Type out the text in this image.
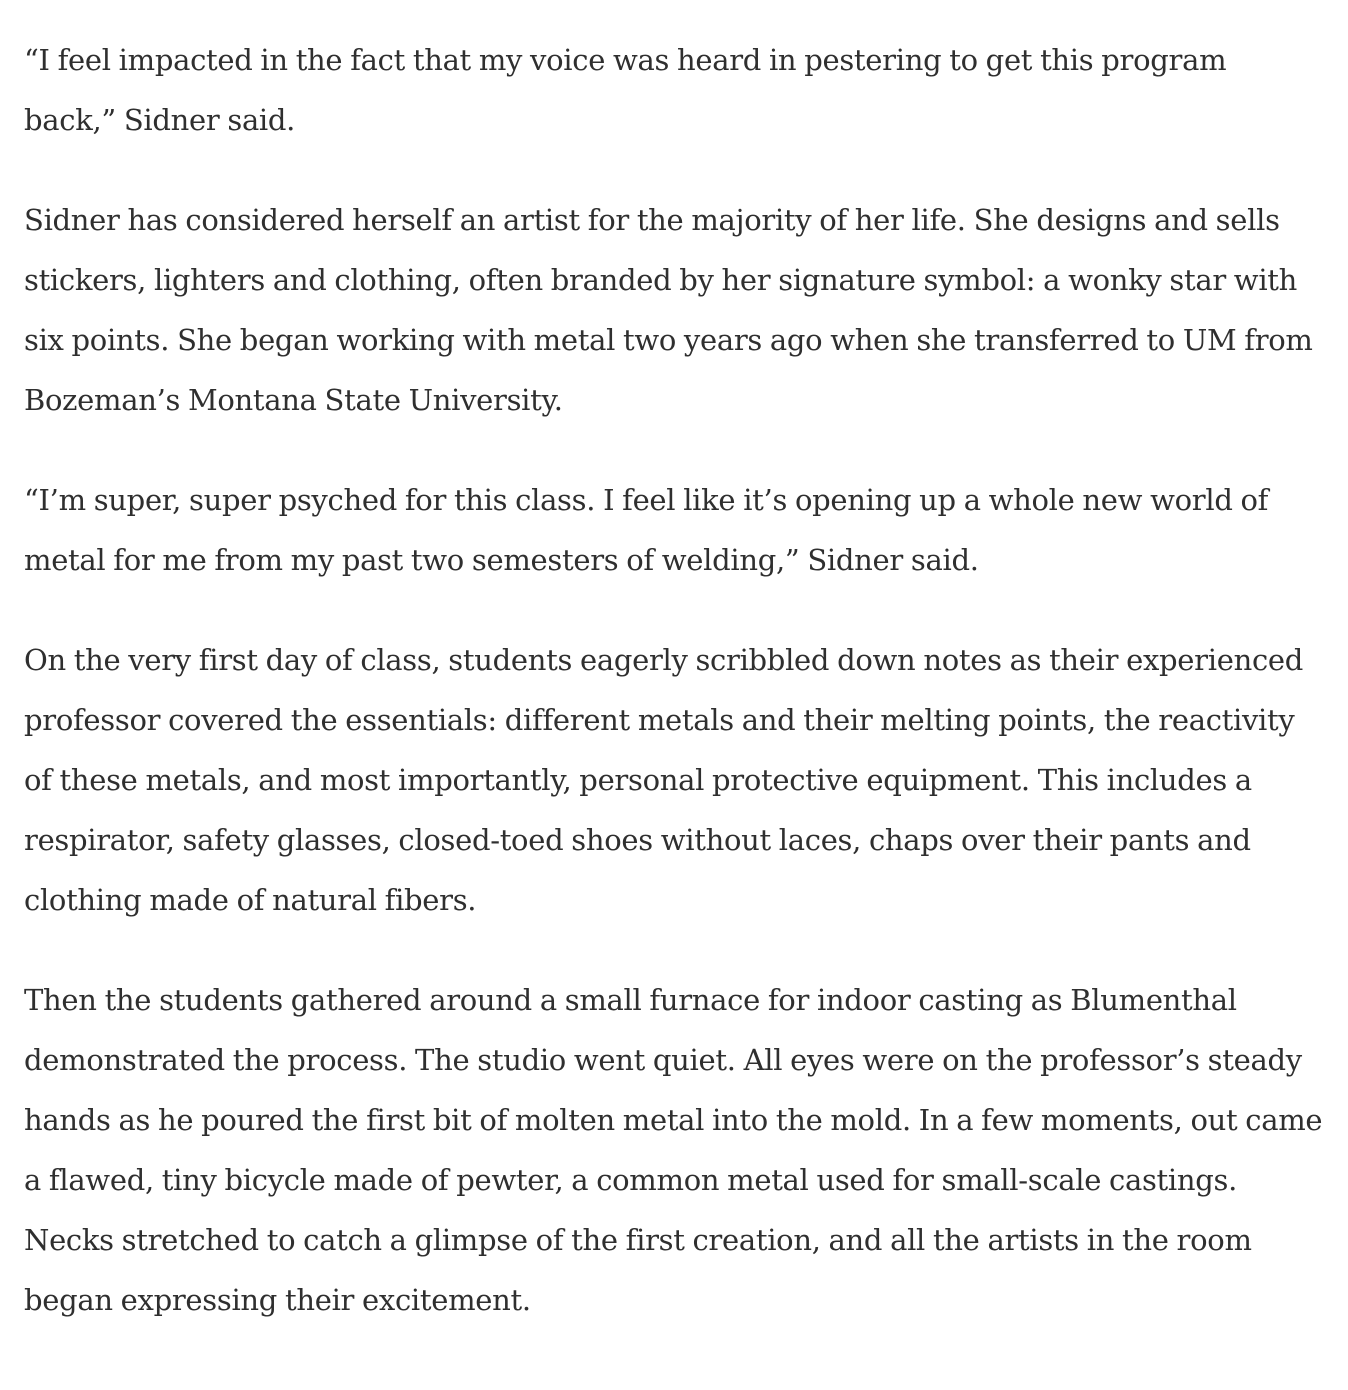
“I feel impacted in the fact that my voice was heard in pestering to get this program back,” Sidner said.

Sidner has considered herself an artist for the majority of her life. She designs and sells stickers, lighters and clothing, often branded by her signature symbol: a wonky star with six points. She began working with metal two years ago when she transferred to UM from Bozeman’s Montana State University.

“I’m super, super psyched for this class. I feel like it’s opening up a whole new world of metal for me from my past two semesters of welding,” Sidner said.

On the very first day of class, students eagerly scribbled down notes as their experienced professor covered the essentials: different metals and their melting points, the reactivity of these metals, and most importantly, personal protective equipment. This includes a respirator, safety glasses, closed-toed shoes without laces, chaps over their pants and clothing made of natural fibers.

Then the students gathered around a small furnace for indoor casting as Blumenthal demonstrated the process. The studio went quiet. All eyes were on the professor’s steady hands as he poured the first bit of molten metal into the mold. In a few moments, out came a flawed, tiny bicycle made of pewter, a common metal used for small-scale castings. Necks stretched to catch a glimpse of the first creation, and all the artists in the room began expressing their excitement.
